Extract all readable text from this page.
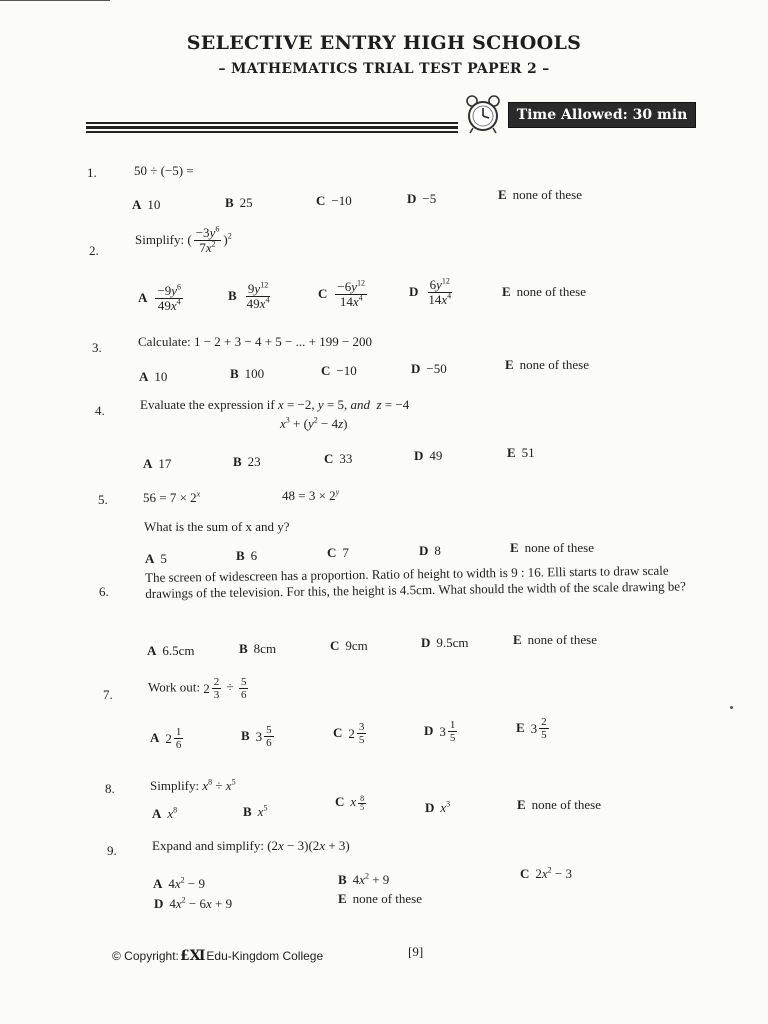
SELECTIVE ENTRY HIGH SCHOOLS
– MATHEMATICS TRIAL TEST PAPER 2 –
Time Allowed: 30 min
1.	50 ÷ (−5) =
A 10	B 25	C −10	D −5	E none of these
2.
Simplify: ( $\frac{-3y^6}{7x^2} )^2$
A $\frac{-9y^6}{49x^4}$	B $\frac{9y^{12}}{49x^4}$	C $\frac{-6y^{12}}{14x^4}$	D $\frac{6y^{12}}{14x^4}$	E none of these
3.	Calculate: 1 − 2 + 3 − 4 + 5 − ... + 199 − 200
A 10	B 100	C −10	D −50	E none of these
4.	Evaluate the expression if x = −2, y = 5, and z = −4
$x^3 + (y^2 - 4z)$
A 17	B 23	C 33	D 49	E 51
5.	$56 = 7 \times 2^x$	$48 = 3 \times 2^y$
What is the sum of x and y?
A 5	B 6	C 7	D 8	E none of these
6.
The screen of widescreen has a proportion. Ratio of height to width is 9 : 16. Elli starts to draw scale drawings of the television. For this, the height is 4.5cm. What should the width of the scale drawing be?
A 6.5cm	B 8cm	C 9cm	D 9.5cm	E none of these
7.	Work out: $2 \frac{2}{3} \div \frac{5}{6}$
A $2 \frac{1}{6}$	B $3 \frac{5}{6}$	C $2 \frac{3}{5}$	D $3 \frac{1}{5}$	E $3 \frac{2}{5}$
8.	Simplify: $x^8 \div x^5$
A $x^8$	B $x^5$	C x $\frac{8}{5}$	D $x^3$	E none of these
9.	Expand and simplify: (2x − 3)(2x + 3)
A $4x^2 - 9$	B $4x^2 + 9$	C $2x^2 - 3$
D $4x^2 - 6x + 9$	E none of these
© Copyright: £Ⅺ Edu-Kingdom College	[9]
